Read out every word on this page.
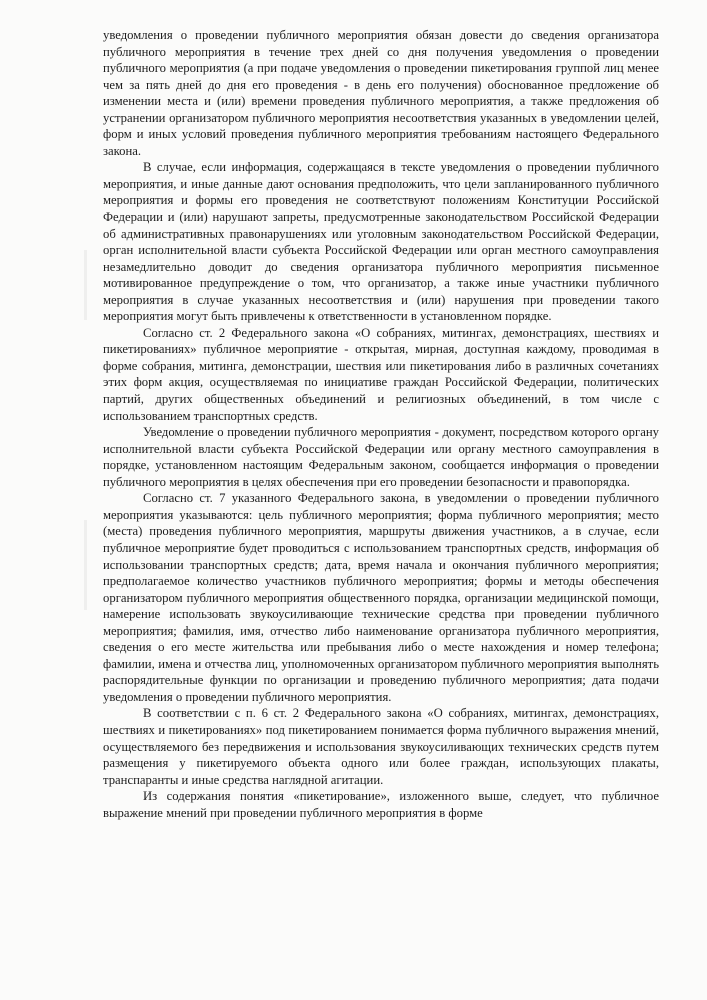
уведомления о проведении публичного мероприятия обязан довести до сведения организатора публичного мероприятия в течение трех дней со дня получения уведомления о проведении публичного мероприятия (а при подаче уведомления о проведении пикетирования группой лиц менее чем за пять дней до дня его проведения - в день его получения) обоснованное предложение об изменении места и (или) времени проведения публичного мероприятия, а также предложения об устранении организатором публичного мероприятия несоответствия указанных в уведомлении целей, форм и иных условий проведения публичного мероприятия требованиям настоящего Федерального закона.

В случае, если информация, содержащаяся в тексте уведомления о проведении публичного мероприятия, и иные данные дают основания предположить, что цели запланированного публичного мероприятия и формы его проведения не соответствуют положениям Конституции Российской Федерации и (или) нарушают запреты, предусмотренные законодательством Российской Федерации об административных правонарушениях или уголовным законодательством Российской Федерации, орган исполнительной власти субъекта Российской Федерации или орган местного самоуправления незамедлительно доводит до сведения организатора публичного мероприятия письменное мотивированное предупреждение о том, что организатор, а также иные участники публичного мероприятия в случае указанных несоответствия и (или) нарушения при проведении такого мероприятия могут быть привлечены к ответственности в установленном порядке.

Согласно ст. 2 Федерального закона «О собраниях, митингах, демонстрациях, шествиях и пикетированиях» публичное мероприятие - открытая, мирная, доступная каждому, проводимая в форме собрания, митинга, демонстрации, шествия или пикетирования либо в различных сочетаниях этих форм акция, осуществляемая по инициативе граждан Российской Федерации, политических партий, других общественных объединений и религиозных объединений, в том числе с использованием транспортных средств.

Уведомление о проведении публичного мероприятия - документ, посредством которого органу исполнительной власти субъекта Российской Федерации или органу местного самоуправления в порядке, установленном настоящим Федеральным законом, сообщается информация о проведении публичного мероприятия в целях обеспечения при его проведении безопасности и правопорядка.

Согласно ст. 7 указанного Федерального закона, в уведомлении о проведении публичного мероприятия указываются: цель публичного мероприятия; форма публичного мероприятия; место (места) проведения публичного мероприятия, маршруты движения участников, а в случае, если публичное мероприятие будет проводиться с использованием транспортных средств, информация об использовании транспортных средств; дата, время начала и окончания публичного мероприятия; предполагаемое количество участников публичного мероприятия; формы и методы обеспечения организатором публичного мероприятия общественного порядка, организации медицинской помощи, намерение использовать звукоусиливающие технические средства при проведении публичного мероприятия; фамилия, имя, отчество либо наименование организатора публичного мероприятия, сведения о его месте жительства или пребывания либо о месте нахождения и номер телефона; фамилии, имена и отчества лиц, уполномоченных организатором публичного мероприятия выполнять распорядительные функции по организации и проведению публичного мероприятия; дата подачи уведомления о проведении публичного мероприятия.

В соответствии с п. 6 ст. 2 Федерального закона «О собраниях, митингах, демонстрациях, шествиях и пикетированиях» под пикетированием понимается форма публичного выражения мнений, осуществляемого без передвижения и использования звукоусиливающих технических средств путем размещения у пикетируемого объекта одного или более граждан, использующих плакаты, транспаранты и иные средства наглядной агитации.

Из содержания понятия «пикетирование», изложенного выше, следует, что публичное выражение мнений при проведении публичного мероприятия в форме
